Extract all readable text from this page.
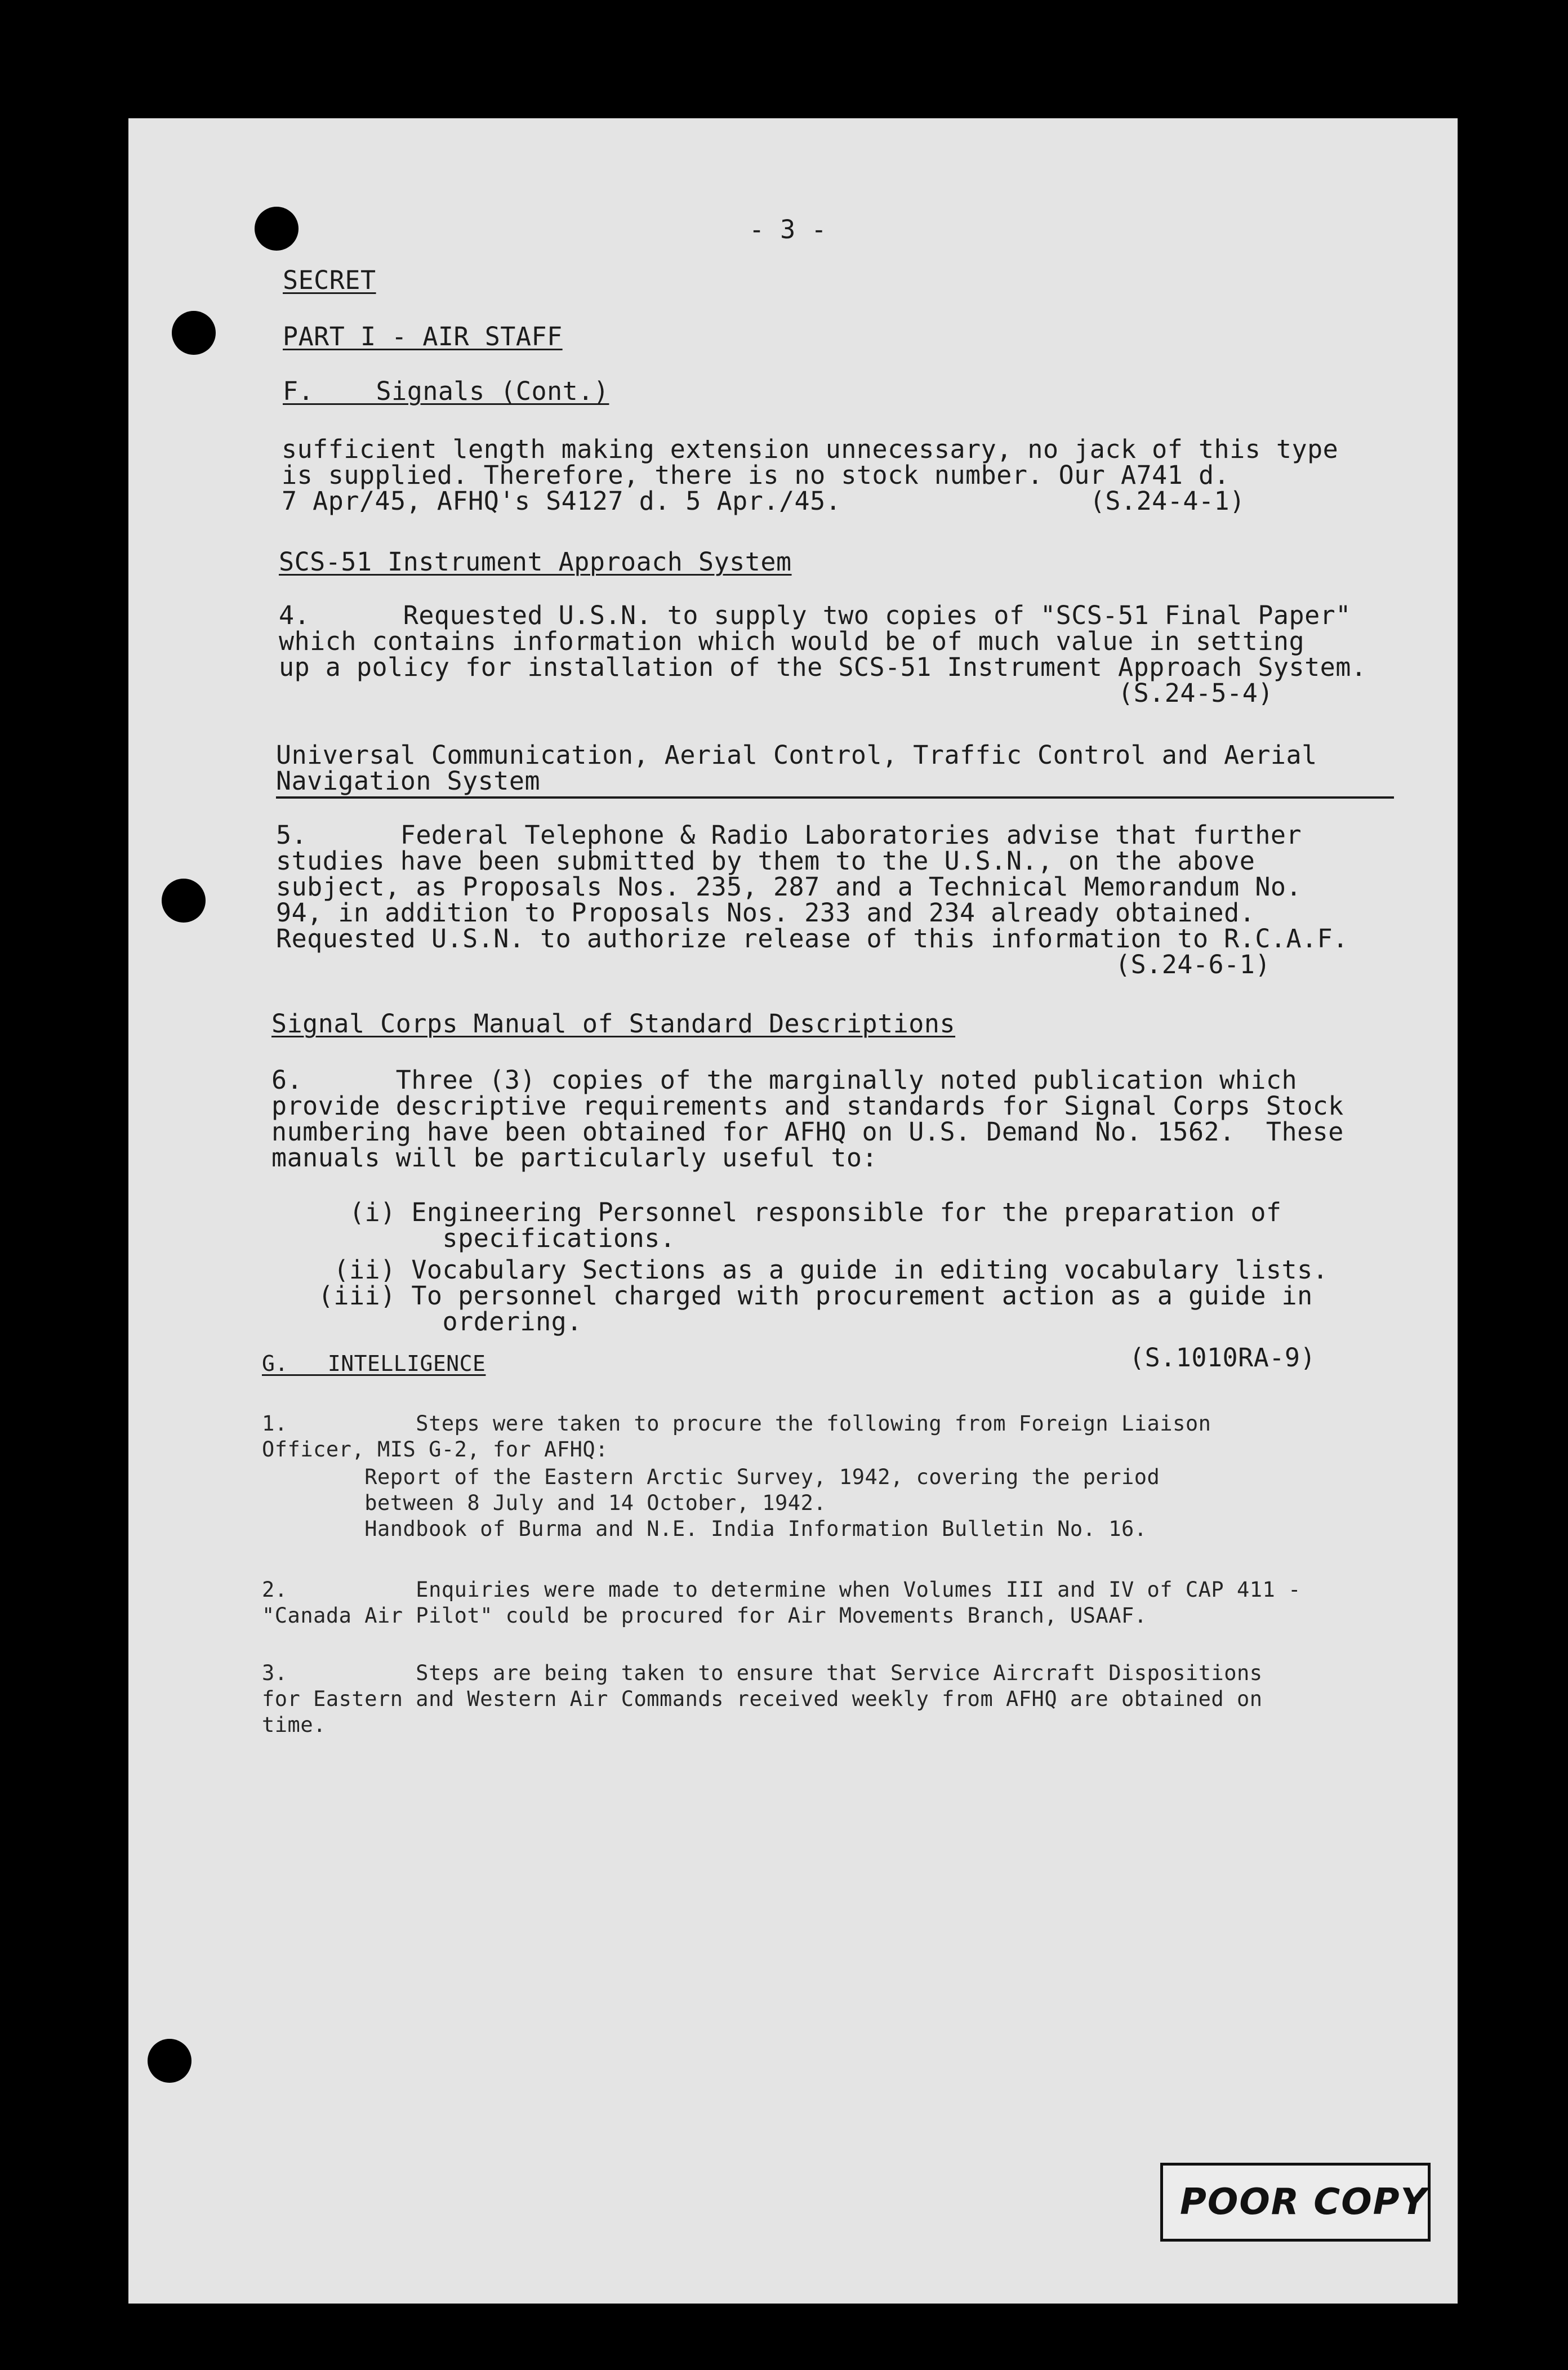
- 3 -

SECRET

PART I - AIR STAFF

F.    Signals (Cont.)

sufficient length making extension unnecessary, no jack of this type

is supplied. Therefore, there is no stock number. Our A741 d.

7 Apr/45, AFHQ's S4127 d. 5 Apr./45.                (S.24-4-1)

SCS-51 Instrument Approach System

4.      Requested U.S.N. to supply two copies of "SCS-51 Final Paper"

which contains information which would be of much value in setting

up a policy for installation of the SCS-51 Instrument Approach System.

(S.24-5-4)

Universal Communication, Aerial Control, Traffic Control and Aerial

Navigation System

5.      Federal Telephone & Radio Laboratories advise that further

studies have been submitted by them to the U.S.N., on the above

subject, as Proposals Nos. 235, 287 and a Technical Memorandum No.

94, in addition to Proposals Nos. 233 and 234 already obtained.

Requested U.S.N. to authorize release of this information to R.C.A.F.

(S.24-6-1)

Signal Corps Manual of Standard Descriptions

6.      Three (3) copies of the marginally noted publication which

provide descriptive requirements and standards for Signal Corps Stock

numbering have been obtained for AFHQ on U.S. Demand No. 1562.  These

manuals will be particularly useful to:

(i) Engineering Personnel responsible for the preparation of

specifications.

(ii) Vocabulary Sections as a guide in editing vocabulary lists.

(iii) To personnel charged with procurement action as a guide in

ordering.

G.   INTELLIGENCE	(S.1010RA-9)

1.          Steps were taken to procure the following from Foreign Liaison

Officer, MIS G-2, for AFHQ:

Report of the Eastern Arctic Survey, 1942, covering the period

between 8 July and 14 October, 1942.

Handbook of Burma and N.E. India Information Bulletin No. 16.

2.          Enquiries were made to determine when Volumes III and IV of CAP 411 -

"Canada Air Pilot" could be procured for Air Movements Branch, USAAF.

3.          Steps are being taken to ensure that Service Aircraft Dispositions

for Eastern and Western Air Commands received weekly from AFHQ are obtained on

time.

POOR COPY
